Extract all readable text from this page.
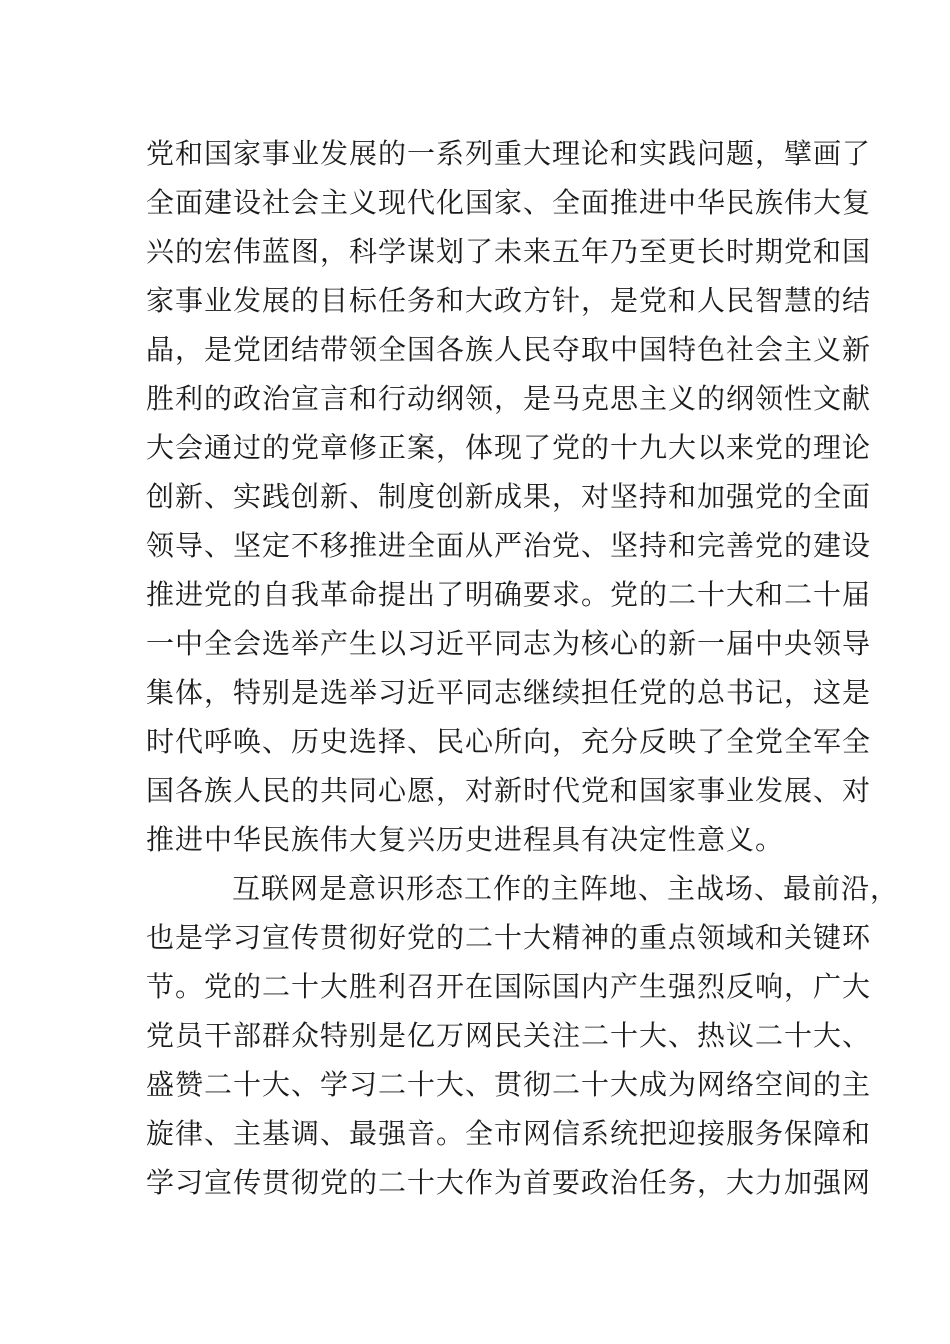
党和国家事业发展的一系列重大理论和实践问题，擘画了
全面建设社会主义现代化国家、全面推进中华民族伟大复
兴的宏伟蓝图，科学谋划了未来五年乃至更长时期党和国
家事业发展的目标任务和大政方针，是党和人民智慧的结
晶，是党团结带领全国各族人民夺取中国特色社会主义新
胜利的政治宣言和行动纲领，是马克思主义的纲领性文献
大会通过的党章修正案，体现了党的十九大以来党的理论
创新、实践创新、制度创新成果，对坚持和加强党的全面
领导、坚定不移推进全面从严治党、坚持和完善党的建设
推进党的自我革命提出了明确要求。党的二十大和二十届
一中全会选举产生以习近平同志为核心的新一届中央领导
集体，特别是选举习近平同志继续担任党的总书记，这是
时代呼唤、历史选择、民心所向，充分反映了全党全军全
国各族人民的共同心愿，对新时代党和国家事业发展、对
推进中华民族伟大复兴历史进程具有决定性意义。
互联网是意识形态工作的主阵地、主战场、最前沿，
也是学习宣传贯彻好党的二十大精神的重点领域和关键环
节。党的二十大胜利召开在国际国内产生强烈反响，广大
党员干部群众特别是亿万网民关注二十大、热议二十大、
盛赞二十大、学习二十大、贯彻二十大成为网络空间的主
旋律、主基调、最强音。全市网信系统把迎接服务保障和
学习宣传贯彻党的二十大作为首要政治任务，大力加强网
